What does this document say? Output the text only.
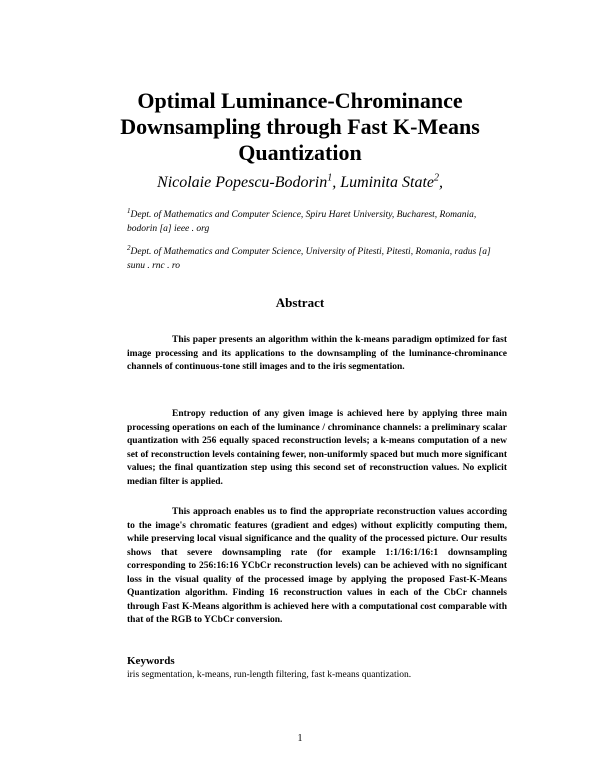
Optimal Luminance-Chrominance Downsampling through Fast K-Means Quantization
Nicolaie Popescu-Bodorin$^1$, Luminita State$^2$,
$^1$Dept. of Mathematics and Computer Science, Spiru Haret University, Bucharest, Romania, bodorin [a] ieee . org
$^2$Dept. of Mathematics and Computer Science, University of Pitesti, Pitesti, Romania, radus [a] sunu . rnc . ro
Abstract

This paper presents an algorithm within the k-means paradigm optimized for fast image processing and its applications to the downsampling of the luminance-chrominance channels of continuous-tone still images and to the iris segmentation.

Entropy reduction of any given image is achieved here by applying three main processing operations on each of the luminance / chrominance channels: a preliminary scalar quantization with 256 equally spaced reconstruction levels; a k-means computation of a new set of reconstruction levels containing fewer, non-uniformly spaced but much more significant values; the final quantization step using this second set of reconstruction values. No explicit median filter is applied.

This approach enables us to find the appropriate reconstruction values according to the image's chromatic features (gradient and edges) without explicitly computing them, while preserving local visual significance and the quality of the processed picture. Our results shows that severe downsampling rate (for example 1:1/16:1/16:1 downsampling corresponding to 256:16:16 YCbCr reconstruction levels) can be achieved with no significant loss in the visual quality of the processed image by applying the proposed Fast-K-Means Quantization algorithm. Finding 16 reconstruction values in each of the CbCr channels through Fast K-Means algorithm is achieved here with a computational cost comparable with that of the RGB to YCbCr conversion.

Keywords
iris segmentation, k-means, run-length filtering, fast k-means quantization.
1
